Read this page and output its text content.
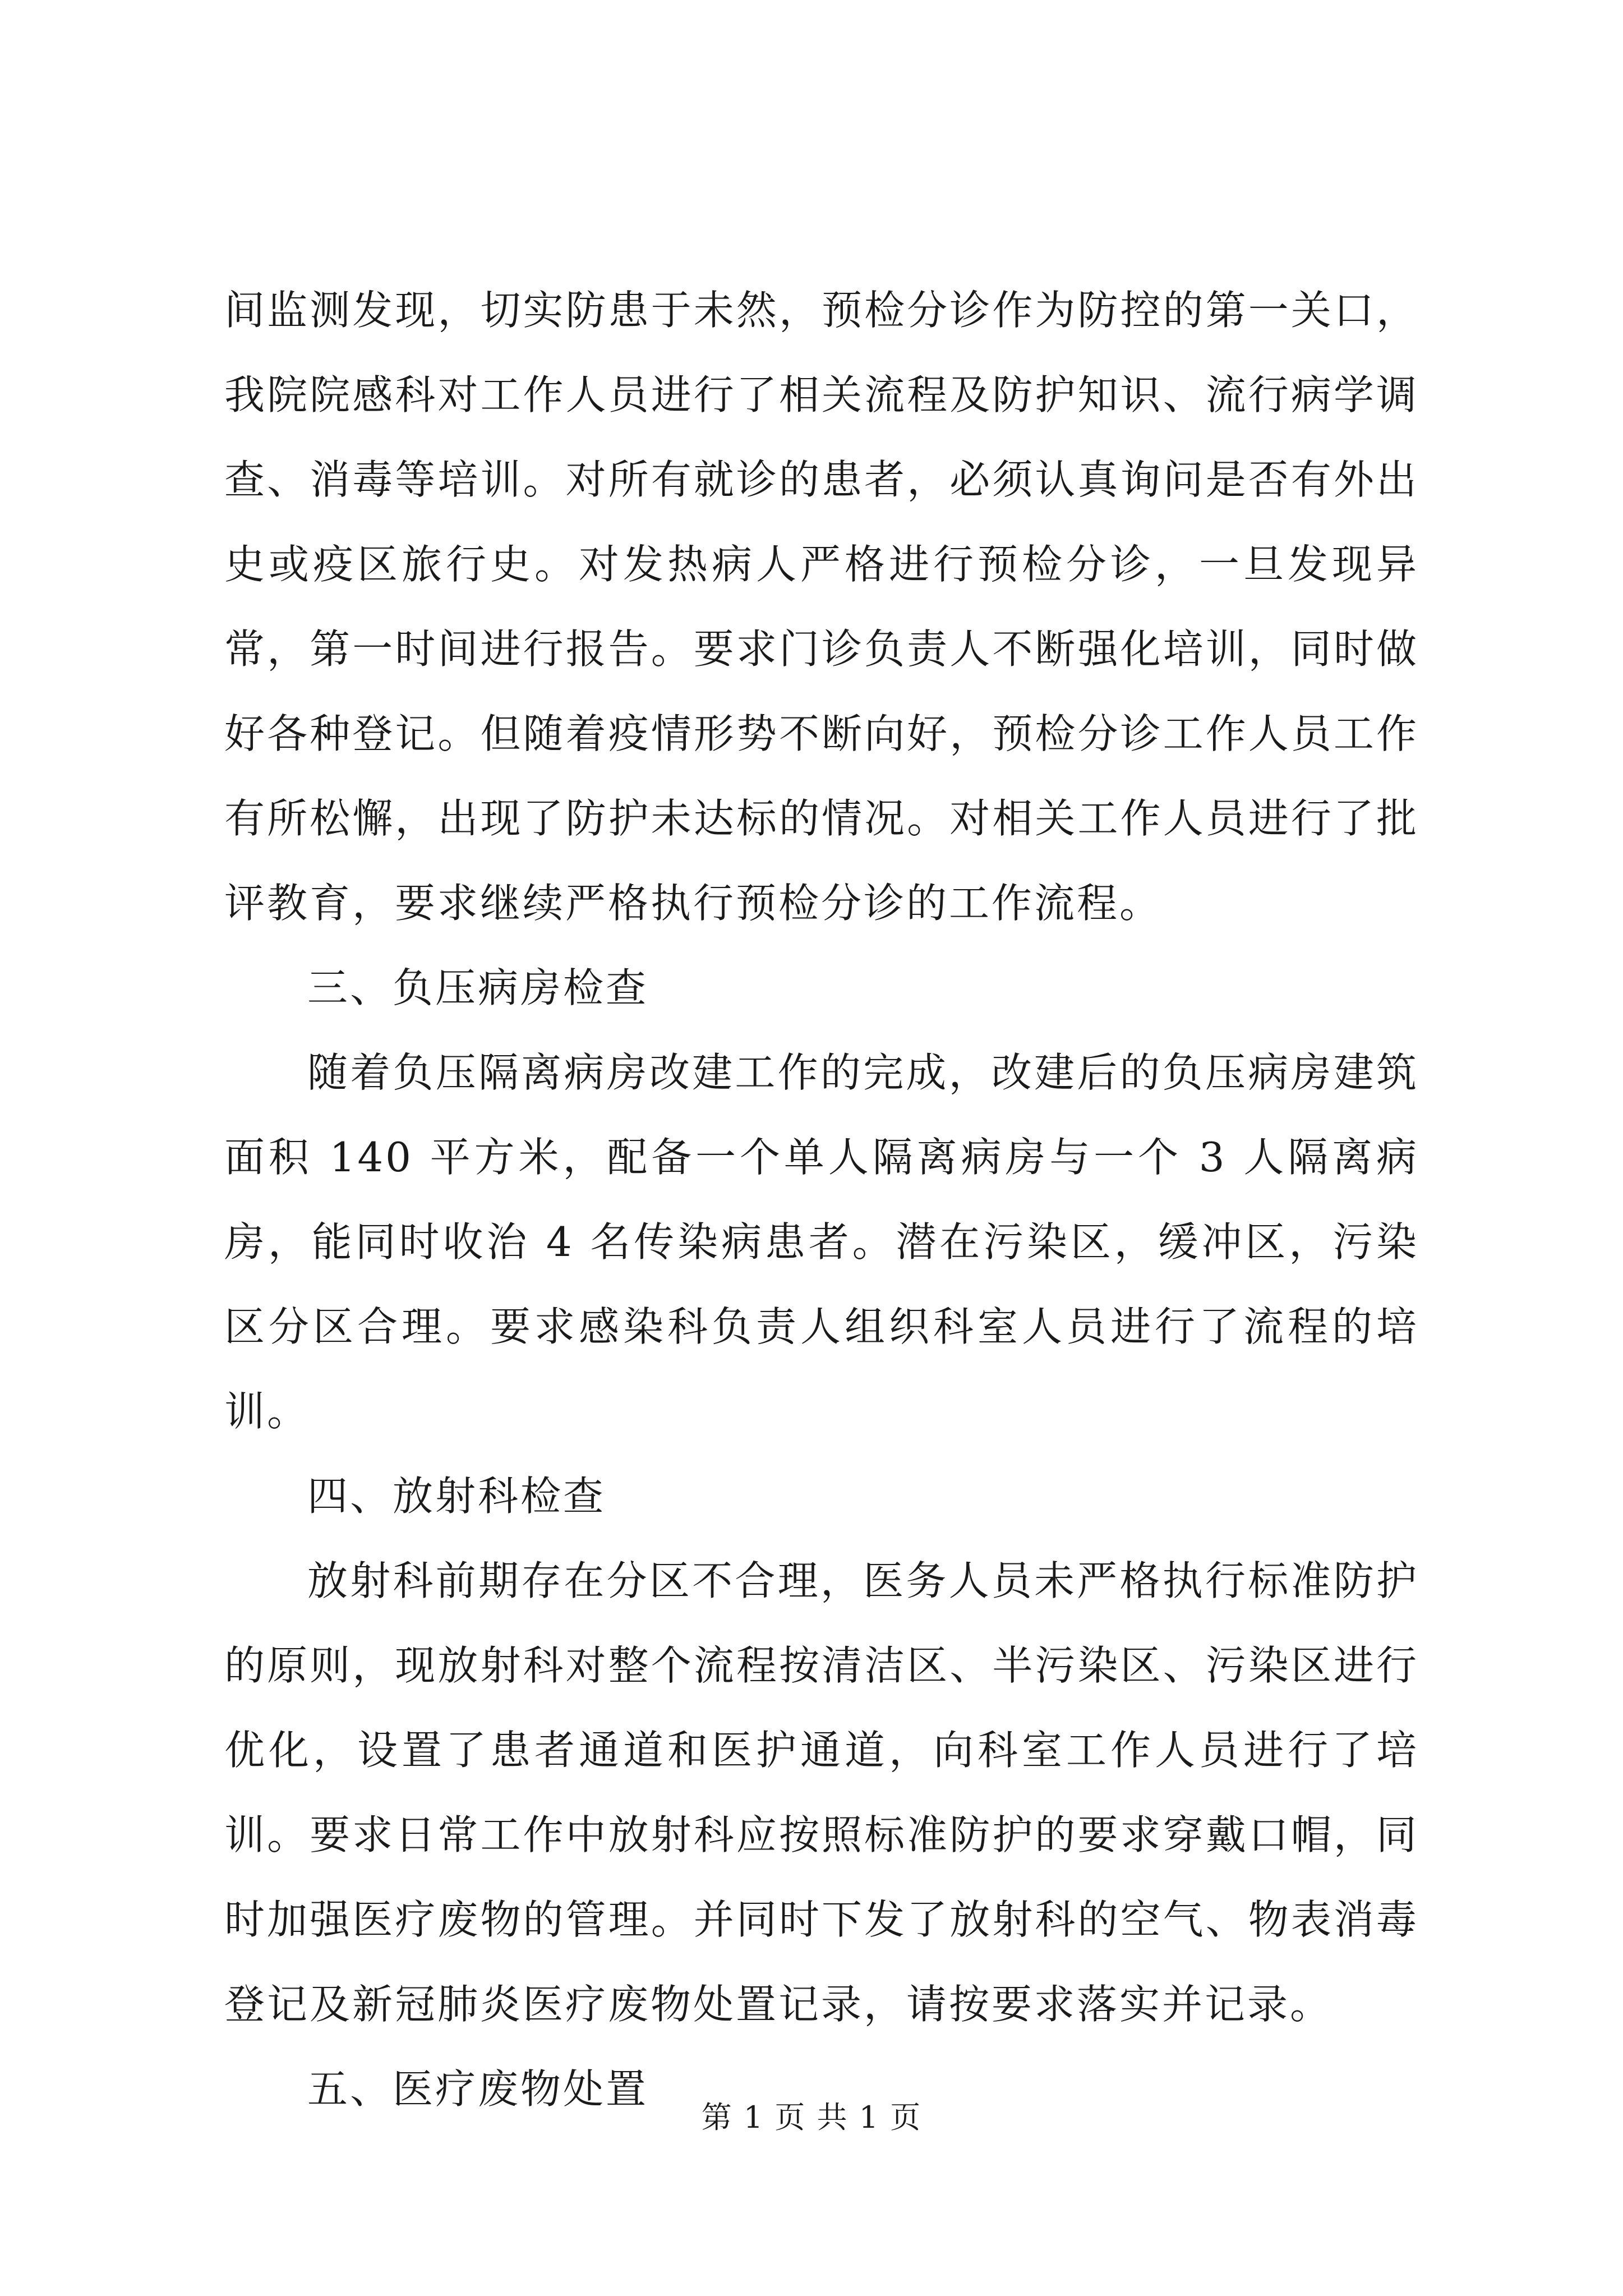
间监测发现，切实防患于未然，预检分诊作为防控的第一关口，我院院感科对工作人员进行了相关流程及防护知识、流行病学调查、消毒等培训。对所有就诊的患者，必须认真询问是否有外出史或疫区旅行史。对发热病人严格进行预检分诊，一旦发现异常，第一时间进行报告。要求门诊负责人不断强化培训，同时做好各种登记。但随着疫情形势不断向好，预检分诊工作人员工作有所松懈，出现了防护未达标的情况。对相关工作人员进行了批评教育，要求继续严格执行预检分诊的工作流程。

三、负压病房检查

随着负压隔离病房改建工作的完成，改建后的负压病房建筑面积 140 平方米，配备一个单人隔离病房与一个 3 人隔离病房，能同时收治 4 名传染病患者。潜在污染区，缓冲区，污染区分区合理。要求感染科负责人组织科室人员进行了流程的培训。

四、放射科检查

放射科前期存在分区不合理，医务人员未严格执行标准防护的原则，现放射科对整个流程按清洁区、半污染区、污染区进行优化，设置了患者通道和医护通道，向科室工作人员进行了培训。要求日常工作中放射科应按照标准防护的要求穿戴口帽，同时加强医疗废物的管理。并同时下发了放射科的空气、物表消毒登记及新冠肺炎医疗废物处置记录，请按要求落实并记录。

五、医疗废物处置

第 1 页 共 1 页
